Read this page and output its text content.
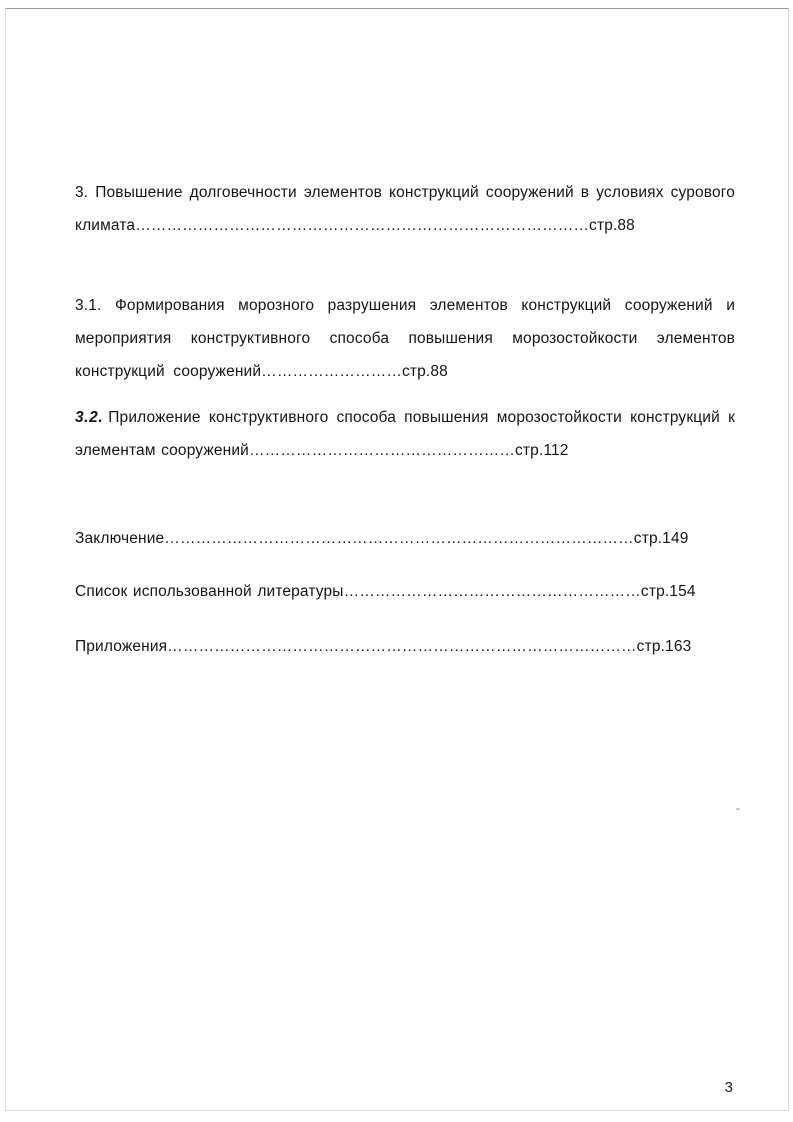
3. Повышение долговечности элементов конструкций сооружений в условиях сурового климата……………………………………………………………………………стр.88

3.1. Формирования морозного разрушения элементов конструкций сооружений и мероприятия конструктивного способа повышения морозостойкости элементов конструкций сооружений………………………стр.88

3.2. Приложение конструктивного способа повышения морозостойкости конструкций к элементам сооружений……………………………………………стр.112

Заключение………………………………………………………………………………стр.149

Список использованной литературы…………………………………………………стр.154

Приложения………………………………………………………………………………стр.163

3
